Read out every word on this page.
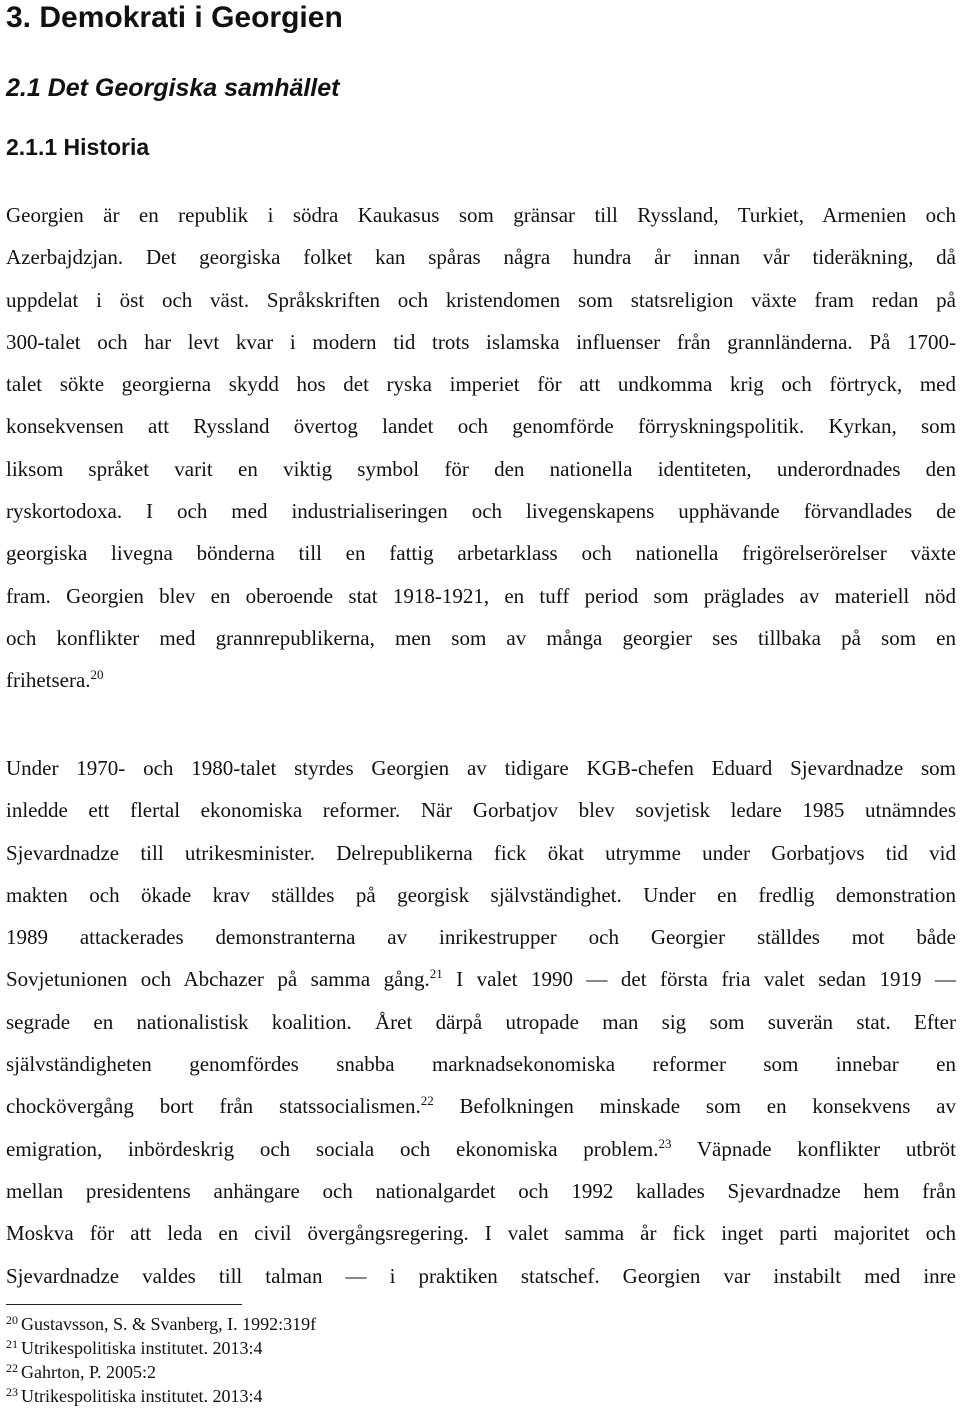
3. Demokrati i Georgien
2.1 Det Georgiska samhället
2.1.1 Historia

Georgien är en republik i södra Kaukasus som gränsar till Ryssland, Turkiet, Armenien och
Azerbajdzjan. Det georgiska folket kan spåras några hundra år innan vår tideräkning, då
uppdelat i öst och väst. Språkskriften och kristendomen som statsreligion växte fram redan på
300-talet och har levt kvar i modern tid trots islamska influenser från grannländerna. På 1700-
talet sökte georgierna skydd hos det ryska imperiet för att undkomma krig och förtryck, med
konsekvensen att Ryssland övertog landet och genomförde förryskningspolitik. Kyrkan, som
liksom språket varit en viktig symbol för den nationella identiteten, underordnades den
ryskortodoxa. I och med industrialiseringen och livegenskapens upphävande förvandlades de
georgiska livegna bönderna till en fattig arbetarklass och nationella frigörelserörelser växte
fram. Georgien blev en oberoende stat 1918-1921, en tuff period som präglades av materiell nöd
och konflikter med grannrepublikerna, men som av många georgier ses tillbaka på som en
frihetsera.$^{20}$

Under 1970- och 1980-talet styrdes Georgien av tidigare KGB-chefen Eduard Sjevardnadze som
inledde ett flertal ekonomiska reformer. När Gorbatjov blev sovjetisk ledare 1985 utnämndes
Sjevardnadze till utrikesminister. Delrepublikerna fick ökat utrymme under Gorbatjovs tid vid
makten och ökade krav ställdes på georgisk självständighet. Under en fredlig demonstration
1989 attackerades demonstranterna av inrikestrupper och Georgier ställdes mot både
Sovjetunionen och Abchazer på samma gång.$^{21}$ I valet 1990 — det första fria valet sedan 1919 —
segrade en nationalistisk koalition. Året därpå utropade man sig som suverän stat. Efter
självständigheten genomfördes snabba marknadsekonomiska reformer som innebar en
chockövergång bort från statssocialismen.$^{22}$ Befolkningen minskade som en konsekvens av
emigration, inbördeskrig och sociala och ekonomiska problem.$^{23}$ Väpnade konflikter utbröt
mellan presidentens anhängare och nationalgardet och 1992 kallades Sjevardnadze hem från
Moskva för att leda en civil övergångsregering. I valet samma år fick inget parti majoritet och
Sjevardnadze valdes till talman — i praktiken statschef. Georgien var instabilt med inre

$^{20}$ Gustavsson, S. & Svanberg, I. 1992:319f
$^{21}$ Utrikespolitiska institutet. 2013:4
$^{22}$ Gahrton, P. 2005:2
$^{23}$ Utrikespolitiska institutet. 2013:4
